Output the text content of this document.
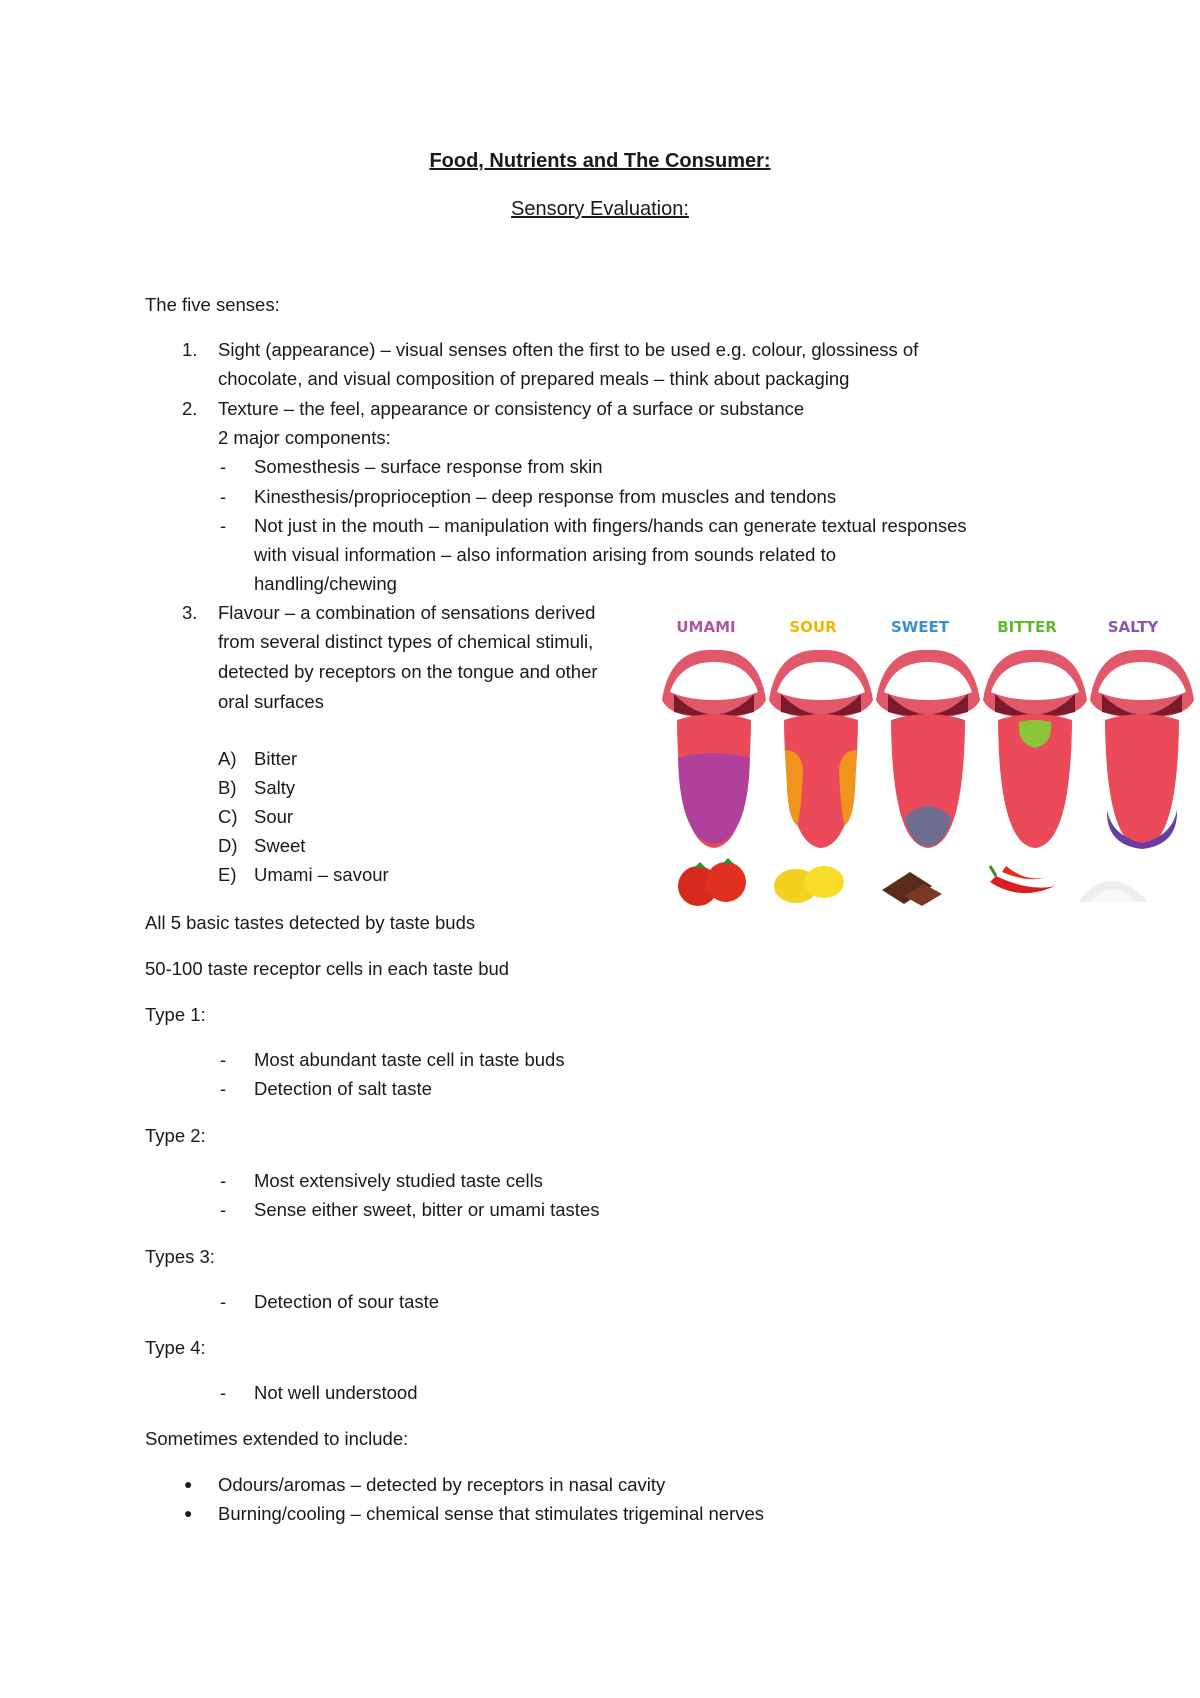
Food, Nutrients and The Consumer:
Sensory Evaluation:
The five senses:
1. Sight (appearance) – visual senses often the first to be used e.g. colour, glossiness of
chocolate, and visual composition of prepared meals – think about packaging
2. Texture – the feel, appearance or consistency of a surface or substance
2 major components:
- Somesthesis – surface response from skin
- Kinesthesis/proprioception – deep response from muscles and tendons
- Not just in the mouth – manipulation with fingers/hands can generate textual responses
with visual information – also information arising from sounds related to
handling/chewing
3. Flavour – a combination of sensations derived
from several distinct types of chemical stimuli,
detected by receptors on the tongue and other
oral surfaces
A) Bitter
B) Salty
C) Sour
D) Sweet
E) Umami – savour
UMAMI	SOUR	SWEET	BITTER	SALTY
All 5 basic tastes detected by taste buds
50-100 taste receptor cells in each taste bud
Type 1:
- Most abundant taste cell in taste buds
- Detection of salt taste
Type 2:
- Most extensively studied taste cells
- Sense either sweet, bitter or umami tastes
Types 3:
- Detection of sour taste
Type 4:
- Not well understood
Sometimes extended to include:
● Odours/aromas – detected by receptors in nasal cavity
● Burning/cooling – chemical sense that stimulates trigeminal nerves
